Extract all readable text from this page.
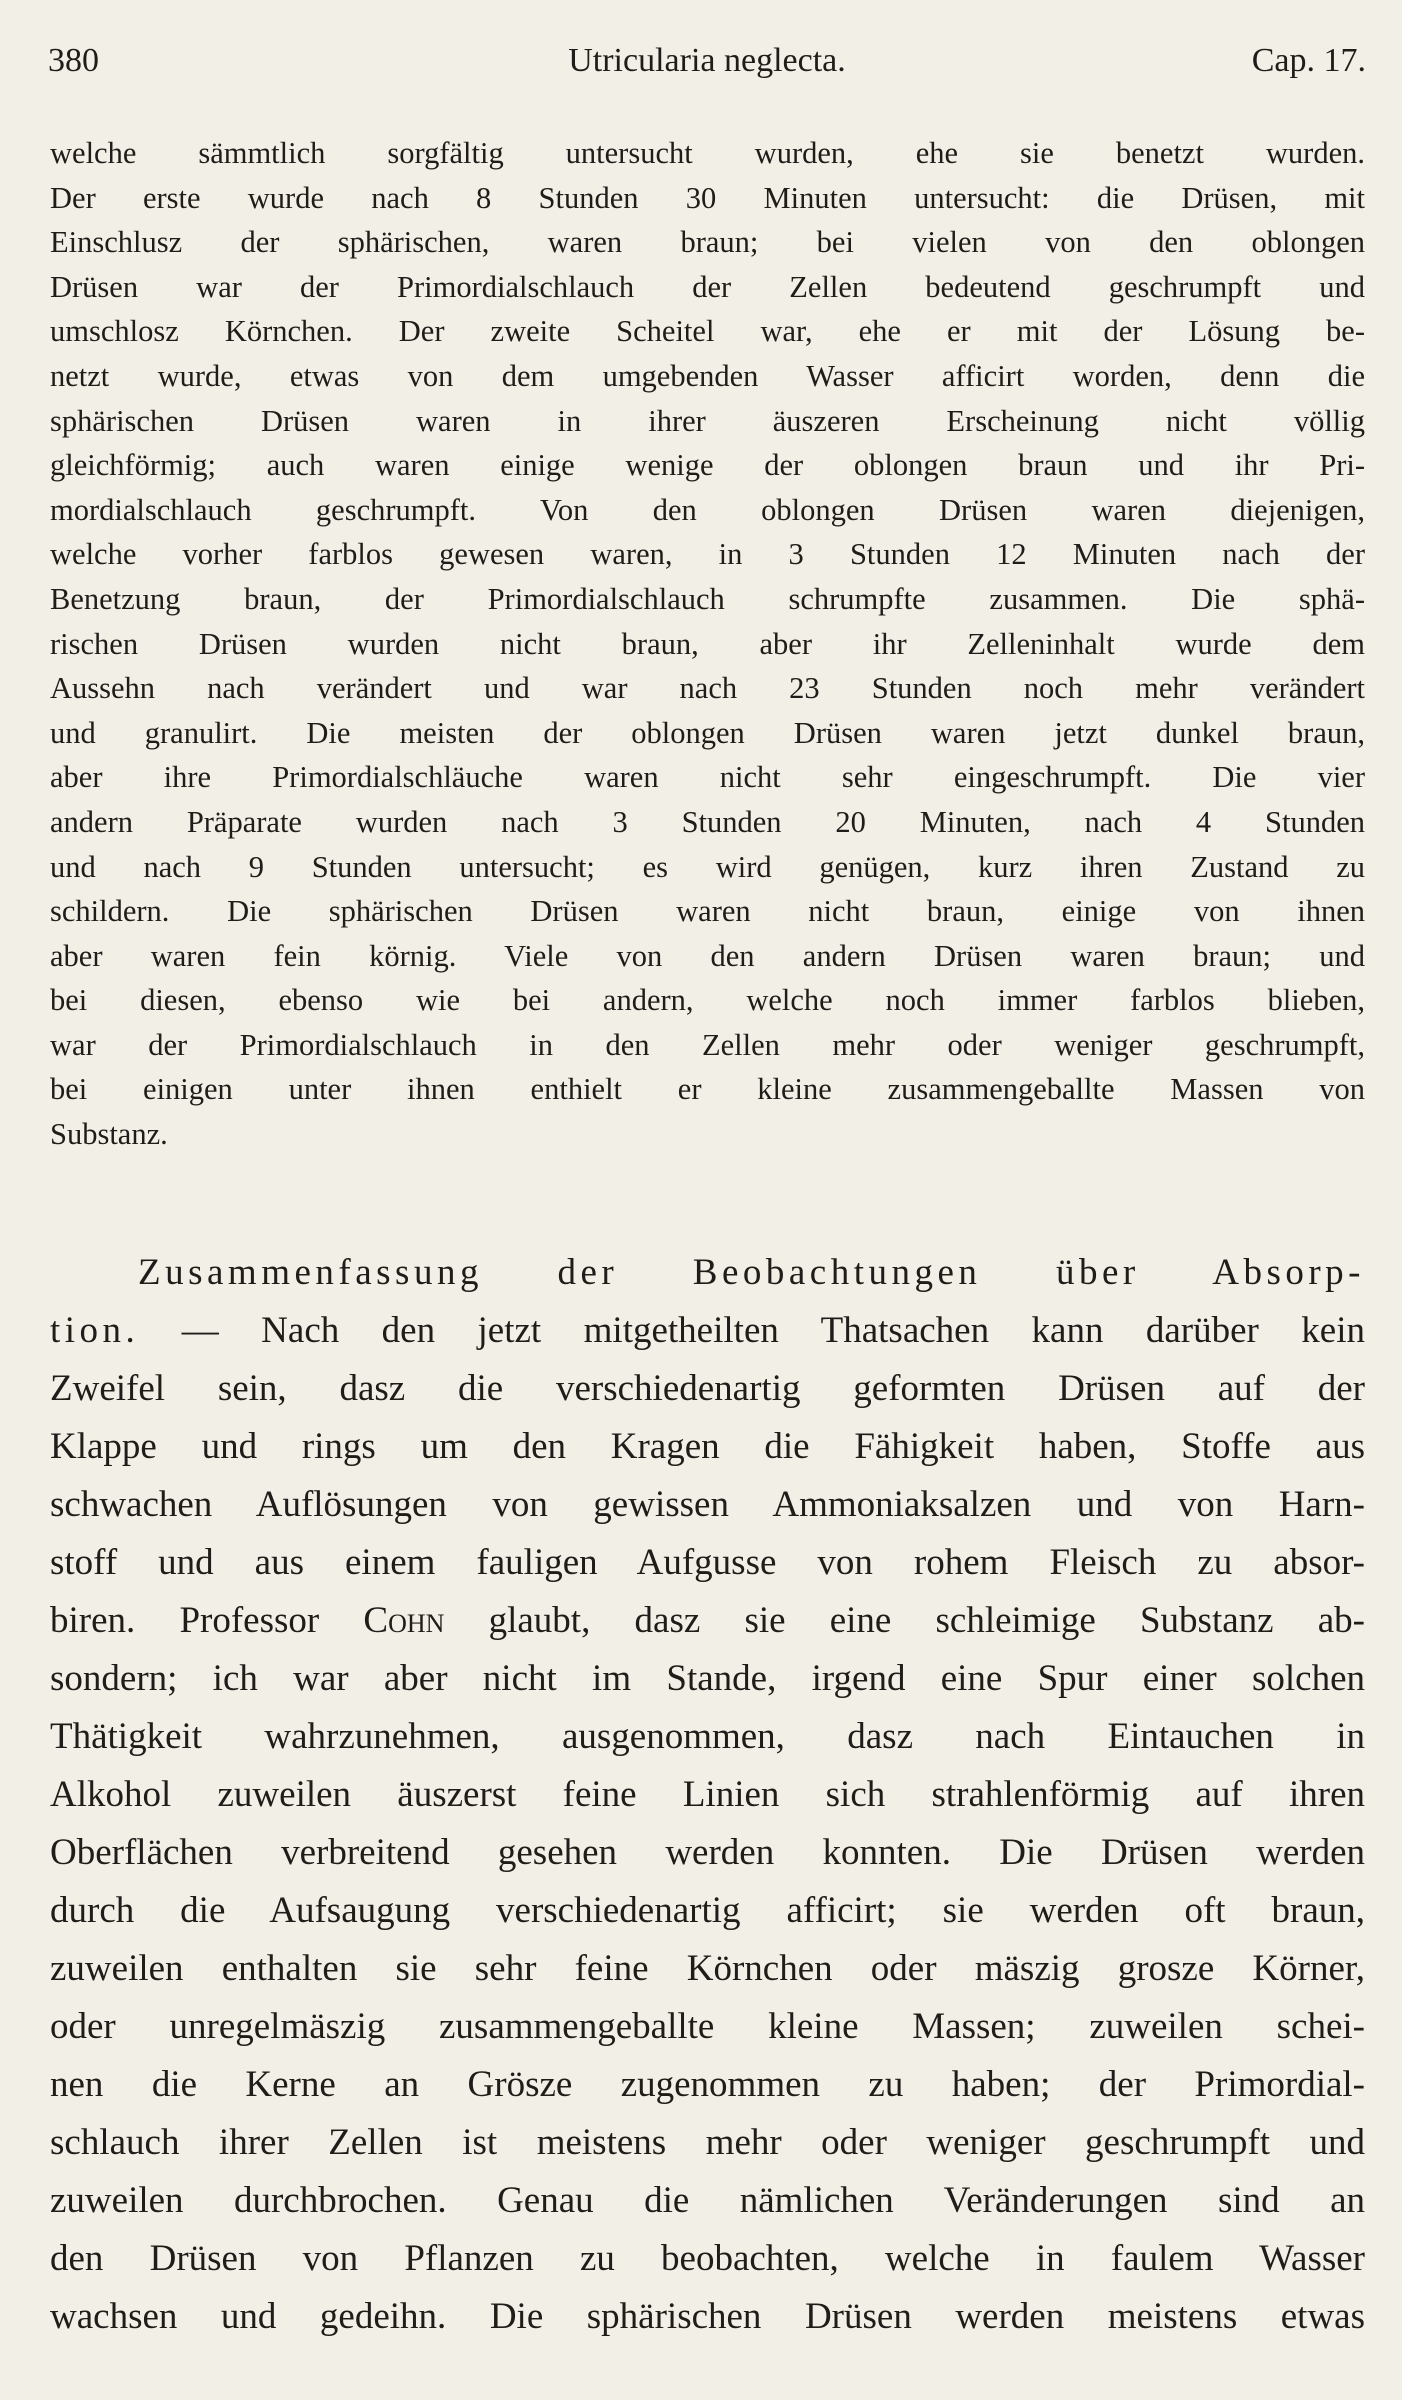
380	Utricularia neglecta.	Cap. 17.
welche sämmtlich sorgfältig untersucht wurden, ehe sie benetzt wurden.
Der erste wurde nach 8 Stunden 30 Minuten untersucht: die Drüsen, mit
Einschlusz der sphärischen, waren braun; bei vielen von den oblongen
Drüsen war der Primordialschlauch der Zellen bedeutend geschrumpft und
umschlosz Körnchen. Der zweite Scheitel war, ehe er mit der Lösung be-
netzt wurde, etwas von dem umgebenden Wasser afficirt worden, denn die
sphärischen Drüsen waren in ihrer äuszeren Erscheinung nicht völlig
gleichförmig; auch waren einige wenige der oblongen braun und ihr Pri-
mordialschlauch geschrumpft. Von den oblongen Drüsen waren diejenigen,
welche vorher farblos gewesen waren, in 3 Stunden 12 Minuten nach der
Benetzung braun, der Primordialschlauch schrumpfte zusammen. Die sphä-
rischen Drüsen wurden nicht braun, aber ihr Zelleninhalt wurde dem
Aussehn nach verändert und war nach 23 Stunden noch mehr verändert
und granulirt. Die meisten der oblongen Drüsen waren jetzt dunkel braun,
aber ihre Primordialschläuche waren nicht sehr eingeschrumpft. Die vier
andern Präparate wurden nach 3 Stunden 20 Minuten, nach 4 Stunden
und nach 9 Stunden untersucht; es wird genügen, kurz ihren Zustand zu
schildern. Die sphärischen Drüsen waren nicht braun, einige von ihnen
aber waren fein körnig. Viele von den andern Drüsen waren braun; und
bei diesen, ebenso wie bei andern, welche noch immer farblos blieben,
war der Primordialschlauch in den Zellen mehr oder weniger geschrumpft,
bei einigen unter ihnen enthielt er kleine zusammengeballte Massen von
Substanz.
Zusammenfassung der Beobachtungen über Absorp-
tion. — Nach den jetzt mitgetheilten Thatsachen kann darüber kein
Zweifel sein, dasz die verschiedenartig geformten Drüsen auf der
Klappe und rings um den Kragen die Fähigkeit haben, Stoffe aus
schwachen Auflösungen von gewissen Ammoniaksalzen und von Harn-
stoff und aus einem fauligen Aufgusse von rohem Fleisch zu absor-
biren. Professor Cohn glaubt, dasz sie eine schleimige Substanz ab-
sondern; ich war aber nicht im Stande, irgend eine Spur einer solchen
Thätigkeit wahrzunehmen, ausgenommen, dasz nach Eintauchen in
Alkohol zuweilen äuszerst feine Linien sich strahlenförmig auf ihren
Oberflächen verbreitend gesehen werden konnten. Die Drüsen werden
durch die Aufsaugung verschiedenartig afficirt; sie werden oft braun,
zuweilen enthalten sie sehr feine Körnchen oder mäszig grosze Körner,
oder unregelmäszig zusammengeballte kleine Massen; zuweilen schei-
nen die Kerne an Grösze zugenommen zu haben; der Primordial-
schlauch ihrer Zellen ist meistens mehr oder weniger geschrumpft und
zuweilen durchbrochen. Genau die nämlichen Veränderungen sind an
den Drüsen von Pflanzen zu beobachten, welche in faulem Wasser
wachsen und gedeihn. Die sphärischen Drüsen werden meistens etwas
